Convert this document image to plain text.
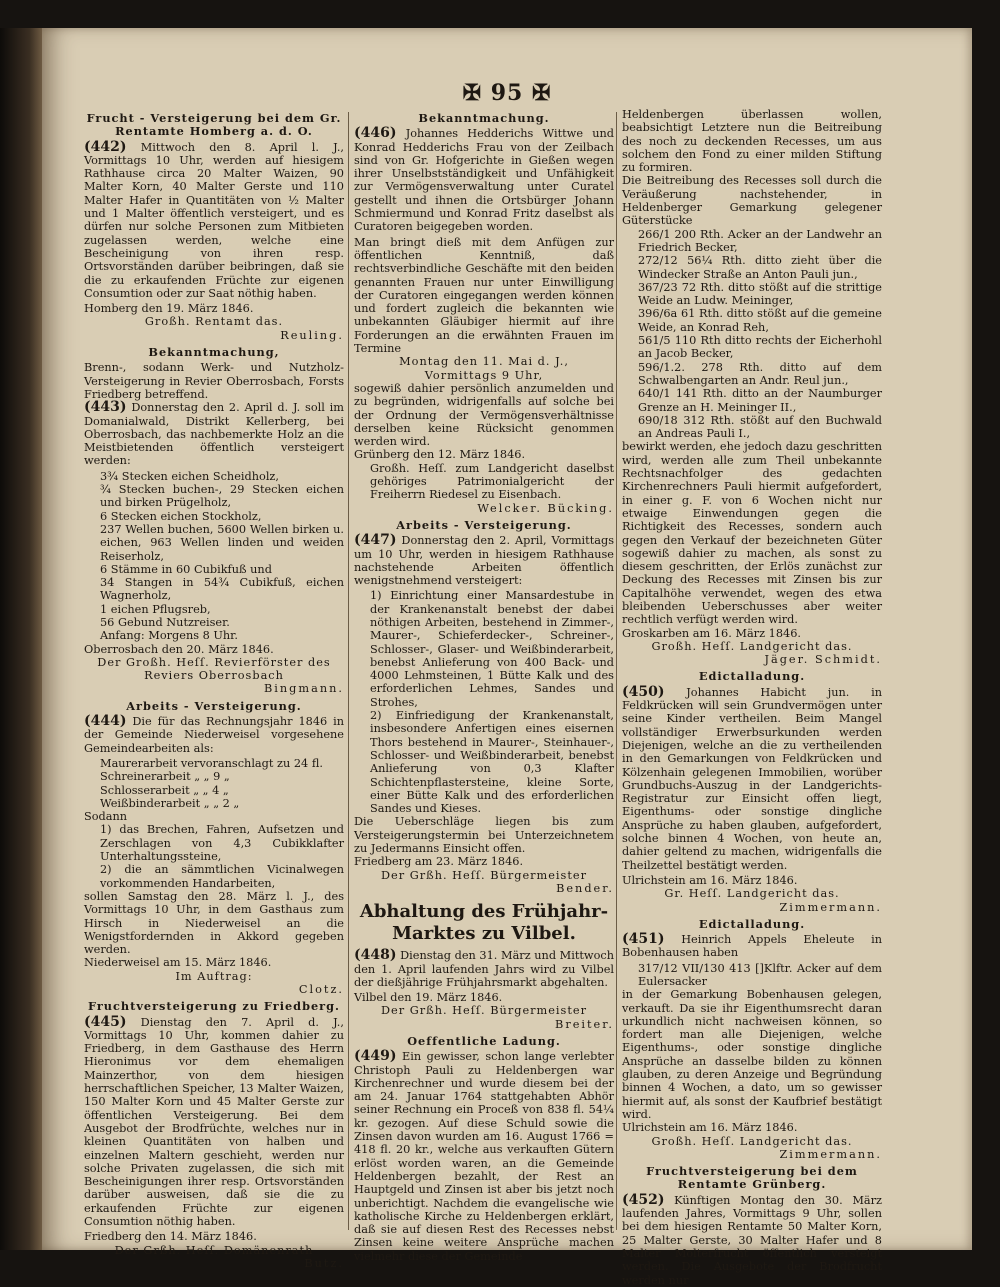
✠ 95 ✠

Frucht - Versteigerung bei dem Gr. Rentamte Homberg a. d. O.

(442) Mittwoch den 8. April l. J., Vormittags 10 Uhr, werden auf hiesigem Rathhause circa 20 Malter Waizen, 90 Malter Korn, 40 Malter Gerste und 110 Malter Hafer in Quantitäten von ½ Malter und 1 Malter öffentlich versteigert, und es dürfen nur solche Personen zum Mitbieten zugelassen werden, welche eine Bescheinigung von ihren resp. Ortsvorständen darüber beibringen, daß sie die zu erkaufenden Früchte zur eigenen Consumtion oder zur Saat nöthig haben.

Homberg den 19. März 1846.

Großh. Rentamt das.

Reuling.

Bekanntmachung,

Brenn-, sodann Werk- und Nutzholz-Versteigerung in Revier Oberrosbach, Forsts Friedberg betreffend.

(443) Donnerstag den 2. April d. J. soll im Domanialwald, Distrikt Kellerberg, bei Oberrosbach, das nachbemerkte Holz an die Meistbietenden öffentlich versteigert werden:

3¾ Stecken eichen Scheidholz,

¾ Stecken buchen-, 29 Stecken eichen und birken Prügelholz,

6 Stecken eichen Stockholz,

237 Wellen buchen, 5600 Wellen birken u. eichen, 963 Wellen linden und weiden Reiserholz,

6 Stämme in 60 Cubikfuß und

34 Stangen in 54¾ Cubikfuß, eichen Wagnerholz,

1 eichen Pflugsreb,

56 Gebund Nutzreiser.

Anfang: Morgens 8 Uhr.

Oberrosbach den 20. März 1846.

Der Großh. Heſſ. Revierförster des Reviers Oberrosbach

Bingmann.

Arbeits - Versteigerung.

(444) Die für das Rechnungsjahr 1846 in der Gemeinde Niederweisel vorgesehene Gemeindearbeiten als:

Maurerarbeit vervoranschlagt zu 24 fl.

Schreinerarbeit „ „ 9 „

Schlosserarbeit „ „ 4 „

Weißbinderarbeit „ „ 2 „

Sodann

1) das Brechen, Fahren, Aufsetzen und Zerschlagen von 4,3 Cubikklafter Unterhaltungssteine,

2) die an sämmtlichen Vicinalwegen vorkommenden Handarbeiten,

sollen Samstag den 28. März l. J., des Vormittags 10 Uhr, in dem Gasthaus zum Hirsch in Niederweisel an die Wenigstfordernden in Akkord gegeben werden.

Niederweisel am 15. März 1846.

Im Auftrag:

Clotz.

Fruchtversteigerung zu Friedberg.

(445) Dienstag den 7. April d. J., Vormittags 10 Uhr, kommen dahier zu Friedberg, in dem Gasthause des Herrn Hieronimus vor dem ehemaligen Mainzerthor, von dem hiesigen herrschaftlichen Speicher, 13 Malter Waizen, 150 Malter Korn und 45 Malter Gerste zur öffentlichen Versteigerung. Bei dem Ausgebot der Brodfrüchte, welches nur in kleinen Quantitäten von halben und einzelnen Maltern geschieht, werden nur solche Privaten zugelassen, die sich mit Bescheinigungen ihrer resp. Ortsvorständen darüber ausweisen, daß sie die zu erkaufenden Früchte zur eigenen Consumtion nöthig haben.

Friedberg den 14. März 1846.

Der Grßh. Heſſ. Domänenrath

Butz.

Bekanntmachung.

(446) Johannes Hedderichs Wittwe und Konrad Hedderichs Frau von der Zeilbach sind von Gr. Hofgerichte in Gießen wegen ihrer Unselbstständigkeit und Unfähigkeit zur Vermögensverwaltung unter Curatel gestellt und ihnen die Ortsbürger Johann Schmiermund und Konrad Fritz daselbst als Curatoren beigegeben worden.

Man bringt dieß mit dem Anfügen zur öffentlichen Kenntniß, daß rechtsverbindliche Geschäfte mit den beiden genannten Frauen nur unter Einwilligung der Curatoren eingegangen werden können und fordert zugleich die bekannten wie unbekannten Gläubiger hiermit auf ihre Forderungen an die erwähnten Frauen im Termine

Montag den 11. Mai d. J.,

Vormittags 9 Uhr,

sogewiß dahier persönlich anzumelden und zu begründen, widrigenfalls auf solche bei der Ordnung der Vermögensverhältnisse derselben keine Rücksicht genommen werden wird.

Grünberg den 12. März 1846.

Großh. Heſſ. zum Landgericht daselbst gehöriges Patrimonialgericht der Freiherrn Riedesel zu Eisenbach.

Welcker. Bücking.

Arbeits - Versteigerung.

(447) Donnerstag den 2. April, Vormittags um 10 Uhr, werden in hiesigem Rathhause nachstehende Arbeiten öffentlich wenigstnehmend versteigert:

1) Einrichtung einer Mansardestube in der Krankenanstalt benebst der dabei nöthigen Arbeiten, bestehend in Zimmer-, Maurer-, Schieferdecker-, Schreiner-, Schlosser-, Glaser- und Weißbinderarbeit, benebst Anlieferung von 400 Back- und 4000 Lehmsteinen, 1 Bütte Kalk und des erforderlichen Lehmes, Sandes und Strohes,

2) Einfriedigung der Krankenanstalt, insbesondere Anfertigen eines eisernen Thors bestehend in Maurer-, Steinhauer-, Schlosser- und Weißbinderarbeit, benebst Anlieferung von 0,3 Klafter Schichtenpflastersteine, kleine Sorte, einer Bütte Kalk und des erforderlichen Sandes und Kieses.

Die Ueberschläge liegen bis zum Versteigerungstermin bei Unterzeichnetem zu Jedermanns Einsicht offen.

Friedberg am 23. März 1846.

Der Grßh. Heſſ. Bürgermeister

Bender.

Abhaltung des Frühjahr-Marktes zu Vilbel.

(448) Dienstag den 31. März und Mittwoch den 1. April laufenden Jahrs wird zu Vilbel der dießjährige Frühjahrsmarkt abgehalten.

Vilbel den 19. März 1846.

Der Grßh. Heſſ. Bürgermeister

Breiter.

Oeffentliche Ladung.

(449) Ein gewisser, schon lange verlebter Christoph Pauli zu Heldenbergen war Kirchenrechner und wurde diesem bei der am 24. Januar 1764 stattgehabten Abhör seiner Rechnung ein Proceß von 838 fl. 54¼ kr. gezogen. Auf diese Schuld sowie die Zinsen davon wurden am 16. August 1766 = 418 fl. 20 kr., welche aus verkauften Gütern erlöst worden waren, an die Gemeinde Heldenbergen bezahlt, der Rest an Hauptgeld und Zinsen ist aber bis jetzt noch unberichtigt. Nachdem die evangelische wie katholische Kirche zu Heldenbergen erklärt, daß sie auf diesen Rest des Recesses nebst Zinsen keine weitere Ansprüche machen vielmehr diese der Gemeinde

Heldenbergen überlassen wollen, beabsichtigt Letztere nun die Beitreibung des noch zu deckenden Recesses, um aus solchem den Fond zu einer milden Stiftung zu formiren.

Die Beitreibung des Recesses soll durch die Veräußerung nachstehender, in Heldenberger Gemarkung gelegener Güterstücke

266/1 200 Rth. Acker an der Landwehr an Friedrich Becker,

272/12 56¼ Rth. ditto zieht über die Windecker Straße an Anton Pauli jun.,

367/23 72 Rth. ditto stößt auf die strittige Weide an Ludw. Meininger,

396/6a 61 Rth. ditto stößt auf die gemeine Weide, an Konrad Reh,

561/5 110 Rth ditto rechts der Eicherhohl an Jacob Becker,

596/1.2. 278 Rth. ditto auf dem Schwalbengarten an Andr. Reul jun.,

640/1 141 Rth. ditto an der Naumburger Grenze an H. Meininger II.,

690/18 312 Rth. stößt auf den Buchwald an Andreas Pauli I.,

bewirkt werden, ehe jedoch dazu geschritten wird, werden alle zum Theil unbekannte Rechtsnachfolger des gedachten Kirchenrechners Pauli hiermit aufgefordert, in einer g. F. von 6 Wochen nicht nur etwaige Einwendungen gegen die Richtigkeit des Recesses, sondern auch gegen den Verkauf der bezeichneten Güter sogewiß dahier zu machen, als sonst zu diesem geschritten, der Erlös zunächst zur Deckung des Recesses mit Zinsen bis zur Capitalhöhe verwendet, wegen des etwa bleibenden Ueberschusses aber weiter rechtlich verfügt werden wird.

Groskarben am 16. März 1846.

Großh. Heſſ. Landgericht das.

Jäger. Schmidt.

Edictalladung.

(450) Johannes Habicht jun. in Feldkrücken will sein Grundvermögen unter seine Kinder vertheilen. Beim Mangel vollständiger Erwerbsurkunden werden Diejenigen, welche an die zu vertheilenden in den Gemarkungen von Feldkrücken und Kölzenhain gelegenen Immobilien, worüber Grundbuchs-Auszug in der Landgerichts-Registratur zur Einsicht offen liegt, Eigenthums- oder sonstige dingliche Ansprüche zu haben glauben, aufgefordert, solche binnen 4 Wochen, von heute an, dahier geltend zu machen, widrigenfalls die Theilzettel bestätigt werden.

Ulrichstein am 16. März 1846.

Gr. Heſſ. Landgericht das.

Zimmermann.

Edictalladung.

(451) Heinrich Appels Eheleute in Bobenhausen haben

317/12 VII/130 413 []Klftr. Acker auf dem Eulersacker

in der Gemarkung Bobenhausen gelegen, verkauft. Da sie ihr Eigenthumsrecht daran urkundlich nicht nachweisen können, so fordert man alle Diejenigen, welche Eigenthums-, oder sonstige dingliche Ansprüche an dasselbe bilden zu können glauben, zu deren Anzeige und Begründung binnen 4 Wochen, a dato, um so gewisser hiermit auf, als sonst der Kaufbrief bestätigt wird.

Ulrichstein am 16. März 1846.

Großh. Heſſ. Landgericht das.

Zimmermann.

Fruchtversteigerung bei dem Rentamte Grünberg.

(452) Künftigen Montag den 30. März laufenden Jahres, Vormittags 9 Uhr, sollen bei dem hiesigen Rentamte 50 Malter Korn, 25 Malter Gerste, 30 Malter Hafer und 8 Malter Molterfrucht öffentlich versteigt werden. Die Ausgebote der Brodfrucht werden nur
